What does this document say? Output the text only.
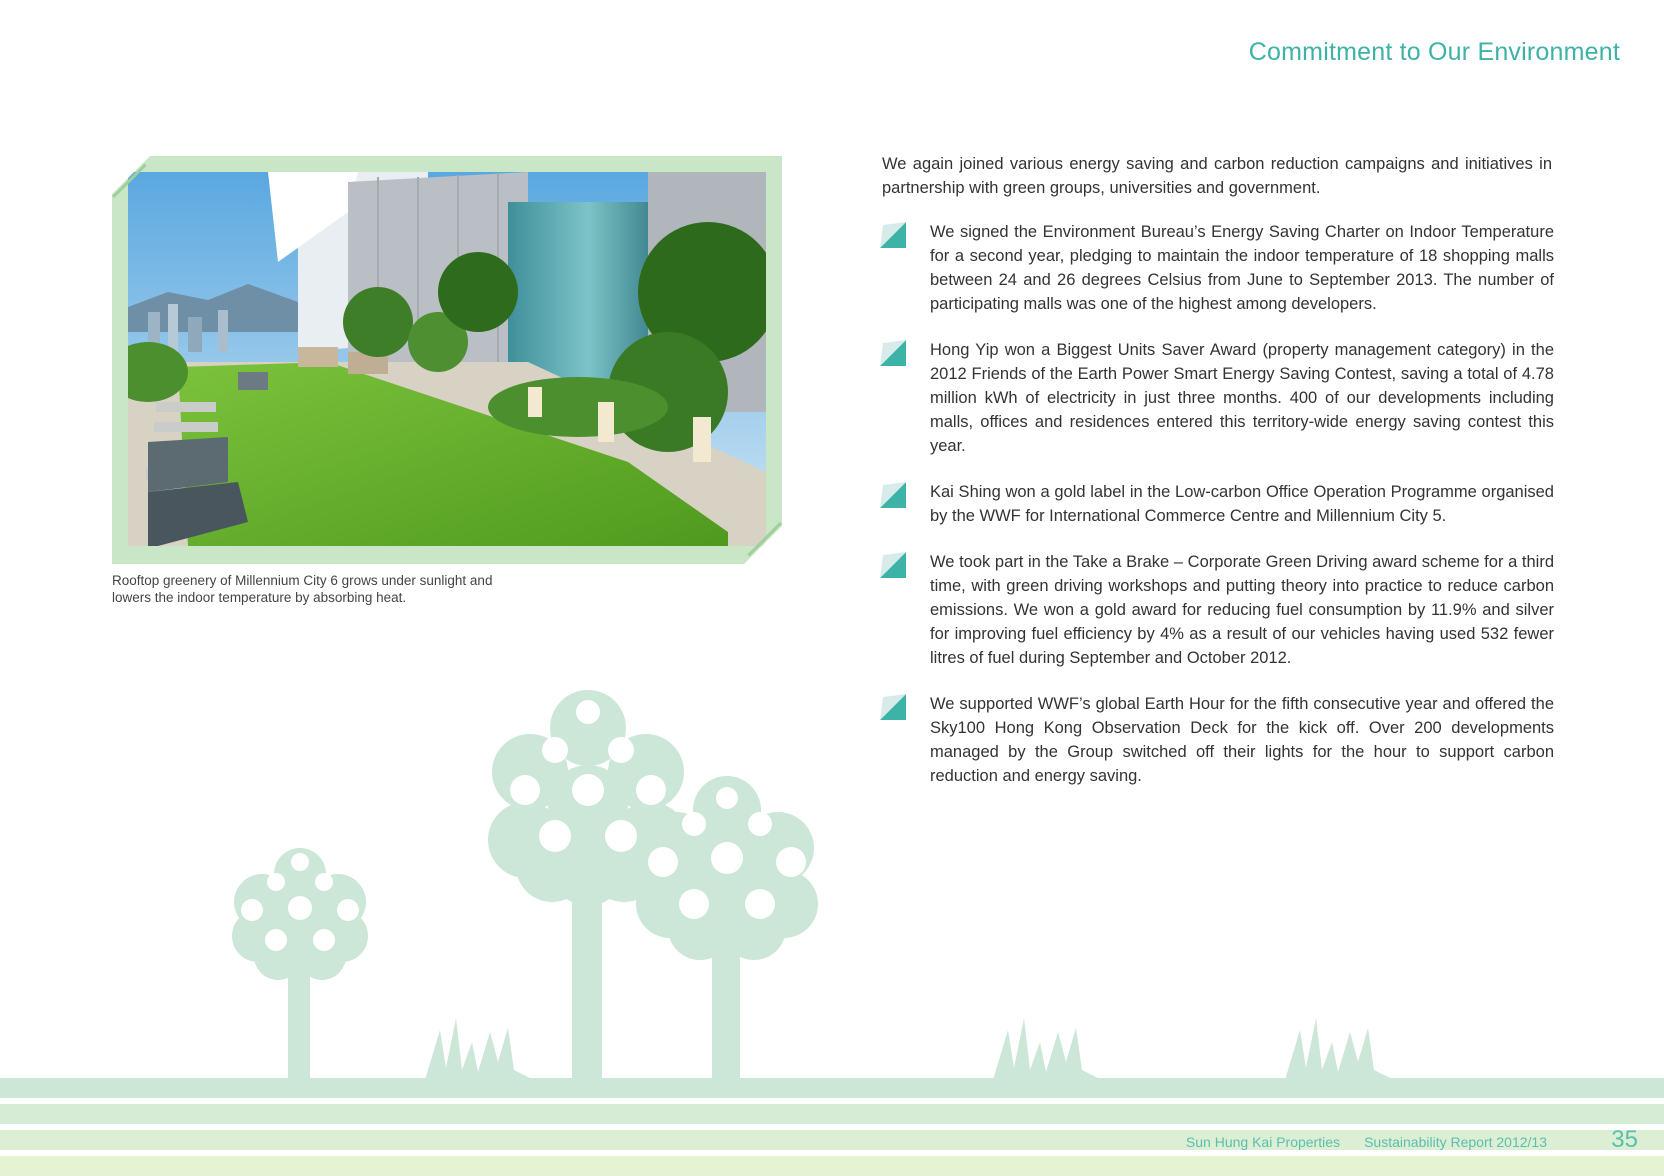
Commitment to Our Environment

Rooftop greenery of Millennium City 6 grows under sunlight and lowers the indoor temperature by absorbing heat.

We again joined various energy saving and carbon reduction campaigns and initiatives in partnership with green groups, universities and government.

We signed the Environment Bureau’s Energy Saving Charter on Indoor Temperature for a second year, pledging to maintain the indoor temperature of 18 shopping malls between 24 and 26 degrees Celsius from June to September 2013. The number of participating malls was one of the highest among developers.

Hong Yip won a Biggest Units Saver Award (property management category) in the 2012 Friends of the Earth Power Smart Energy Saving Contest, saving a total of 4.78 million kWh of electricity in just three months. 400 of our developments including malls, offices and residences entered this territory-wide energy saving contest this year.

Kai Shing won a gold label in the Low-carbon Office Operation Programme organised by the WWF for International Commerce Centre and Millennium City 5.

We took part in the Take a Brake – Corporate Green Driving award scheme for a third time, with green driving workshops and putting theory into practice to reduce carbon emissions. We won a gold award for reducing fuel consumption by 11.9% and silver for improving fuel efficiency by 4% as a result of our vehicles having used 532 fewer litres of fuel during September and October 2012.

We supported WWF’s global Earth Hour for the fifth consecutive year and offered the Sky100 Hong Kong Observation Deck for the kick off. Over 200 developments managed by the Group switched off their lights for the hour to support carbon reduction and energy saving.

Sun Hung Kai Properties Sustainability Report 2012/13	35
